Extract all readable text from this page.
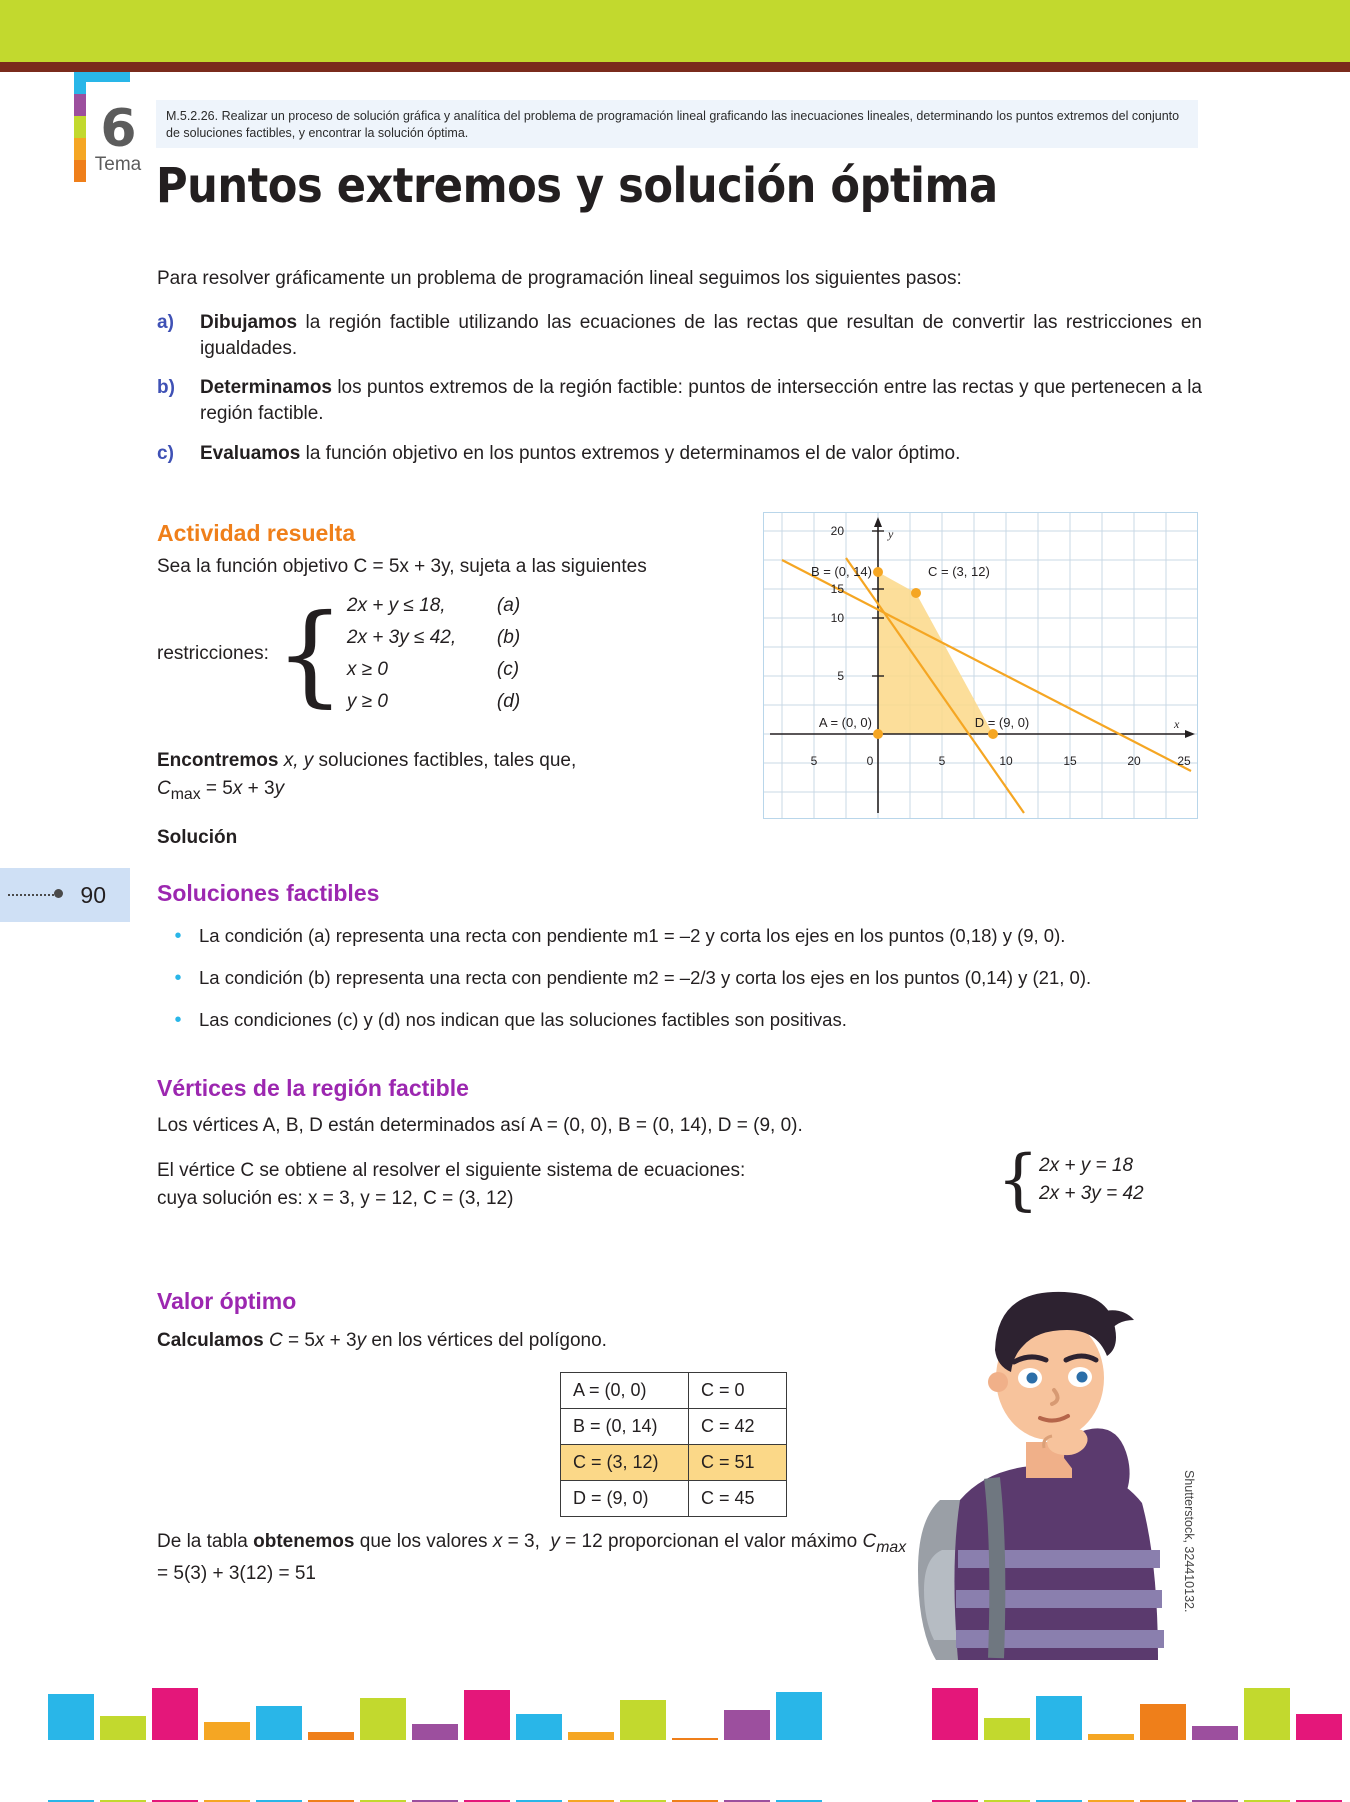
6
Tema
M.5.2.26. Realizar un proceso de solución gráfica y analítica del problema de programación lineal graficando las inecuaciones lineales, determinando los puntos extremos del conjunto de soluciones factibles, y encontrar la solución óptima.
Puntos extremos y solución óptima
Para resolver gráficamente un problema de programación lineal seguimos los siguientes pasos:
a)	Dibujamos la región factible utilizando las ecuaciones de las rectas que resultan de convertir las restricciones en igualdades.
b)	Determinamos los puntos extremos de la región factible: puntos de intersección entre las rectas y que pertenecen a la región factible.
c)	Evaluamos la función objetivo en los puntos extremos y determinamos el de valor óptimo.
Actividad resuelta
Sea la función objetivo C = 5x + 3y, sujeta a las siguientes
restricciones: { 2x + y ≤ 18,	(a)
2x + 3y ≤ 42,	(b)
x ≥ 0	(c)
y ≥ 0	(d)
Encontremos x, y soluciones factibles, tales que,
$C_{max} = 5x + 3y$
Solución
y
x
20
15
10
5
5	0	5	10	15	20	25
B = (0, 14)	C = (3, 12)
A = (0, 0)	D = (9, 0)
90 Soluciones factibles
• La condición (a) representa una recta con pendiente m1 = –2 y corta los ejes en los puntos (0,18) y (9, 0).
• La condición (b) representa una recta con pendiente m2 = –2/3 y corta los ejes en los puntos (0,14) y (21, 0).
• Las condiciones (c) y (d) nos indican que las soluciones factibles son positivas.
Vértices de la región factible
Los vértices A, B, D están determinados así A = (0, 0), B = (0, 14), D = (9, 0).
El vértice C se obtiene al resolver el siguiente sistema de ecuaciones:
cuya solución es: x = 3, y = 12, C = (3, 12)	{ 2x + y = 18
2x + 3y = 42
Valor óptimo
Calculamos C = 5x + 3y en los vértices del polígono.
A = (0, 0)	C = 0
B = (0, 14)	C = 42
C = (3, 12)	C = 51
D = (9, 0)	C = 45
De la tabla obtenemos que los valores x = 3,  y = 12 proporcionan el valor máximo $C_{max} = 5(3) + 3(12) = 51$	Shutterstock, 324410132.
